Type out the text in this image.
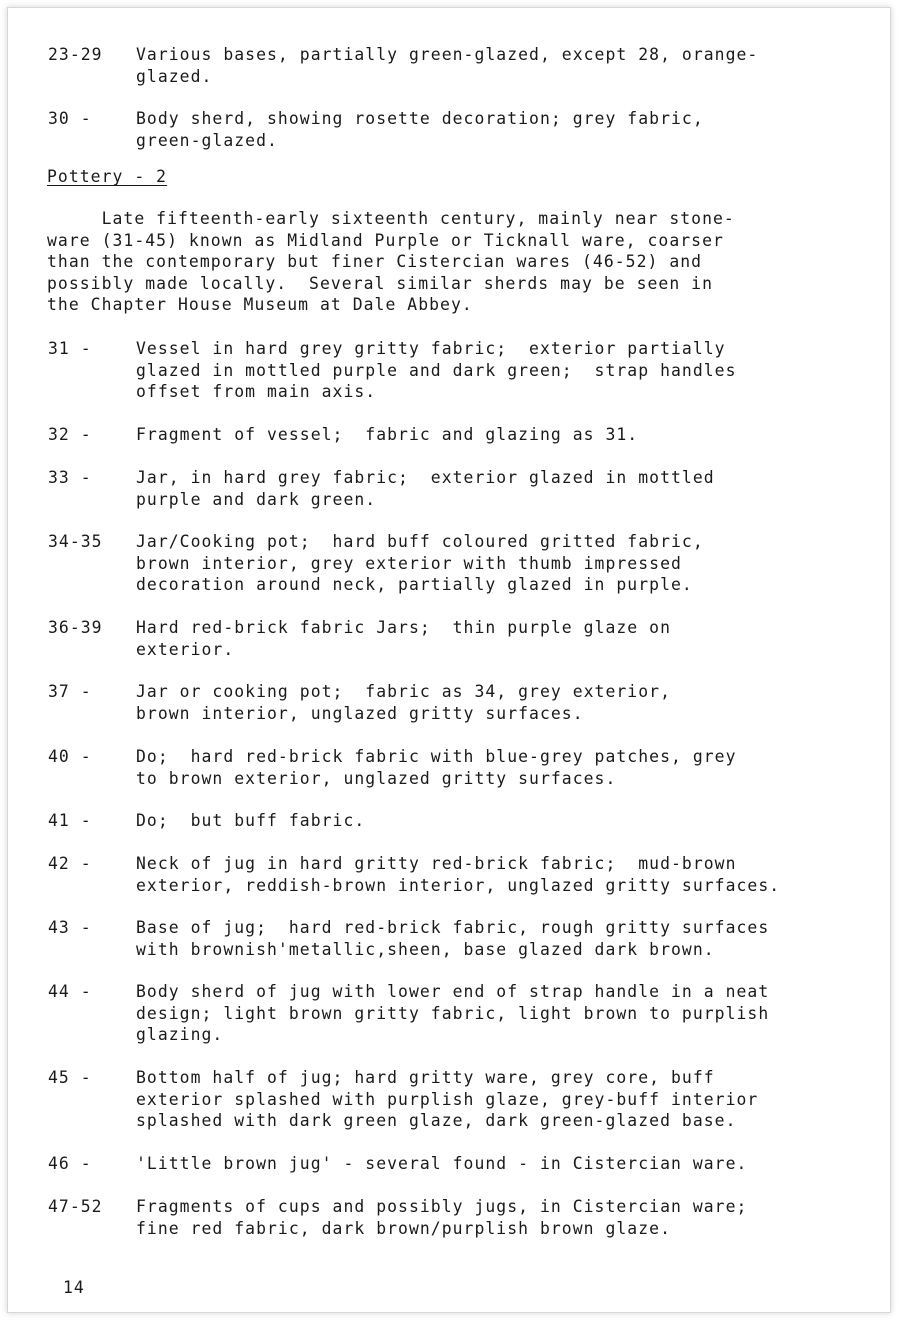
23-29 Various bases, partially green-glazed, except 28, orange-
glazed.
30 -	Body sherd, showing rosette decoration; grey fabric,
green-glazed.
Pottery - 2
Late fifteenth-early sixteenth century, mainly near stone-
ware (31-45) known as Midland Purple or Ticknall ware, coarser
than the contemporary but finer Cistercian wares (46-52) and
possibly made locally.  Several similar sherds may be seen in
the Chapter House Museum at Dale Abbey.
31 -	Vessel in hard grey gritty fabric;  exterior partially
glazed in mottled purple and dark green;  strap handles
offset from main axis.
32 -	Fragment of vessel;  fabric and glazing as 31.
33 -	Jar, in hard grey fabric;  exterior glazed in mottled
purple and dark green.
34-35 Jar/Cooking pot;  hard buff coloured gritted fabric,
brown interior, grey exterior with thumb impressed
decoration around neck, partially glazed in purple.
36-39 Hard red-brick fabric Jars;  thin purple glaze on
exterior.
37 -	Jar or cooking pot;  fabric as 34, grey exterior,
brown interior, unglazed gritty surfaces.
40 -	Do;  hard red-brick fabric with blue-grey patches, grey
to brown exterior, unglazed gritty surfaces.
41 -	Do;  but buff fabric.
42 -	Neck of jug in hard gritty red-brick fabric;  mud-brown
exterior, reddish-brown interior, unglazed gritty surfaces.
43 -	Base of jug;  hard red-brick fabric, rough gritty surfaces
with brownish'metallic,sheen, base glazed dark brown.
44 -	Body sherd of jug with lower end of strap handle in a neat
design; light brown gritty fabric, light brown to purplish
glazing.
45 -	Bottom half of jug; hard gritty ware, grey core, buff
exterior splashed with purplish glaze, grey-buff interior
splashed with dark green glaze, dark green-glazed base.
46 -	'Little brown jug' - several found - in Cistercian ware.
47-52 Fragments of cups and possibly jugs, in Cistercian ware;
fine red fabric, dark brown/purplish brown glaze.
14
